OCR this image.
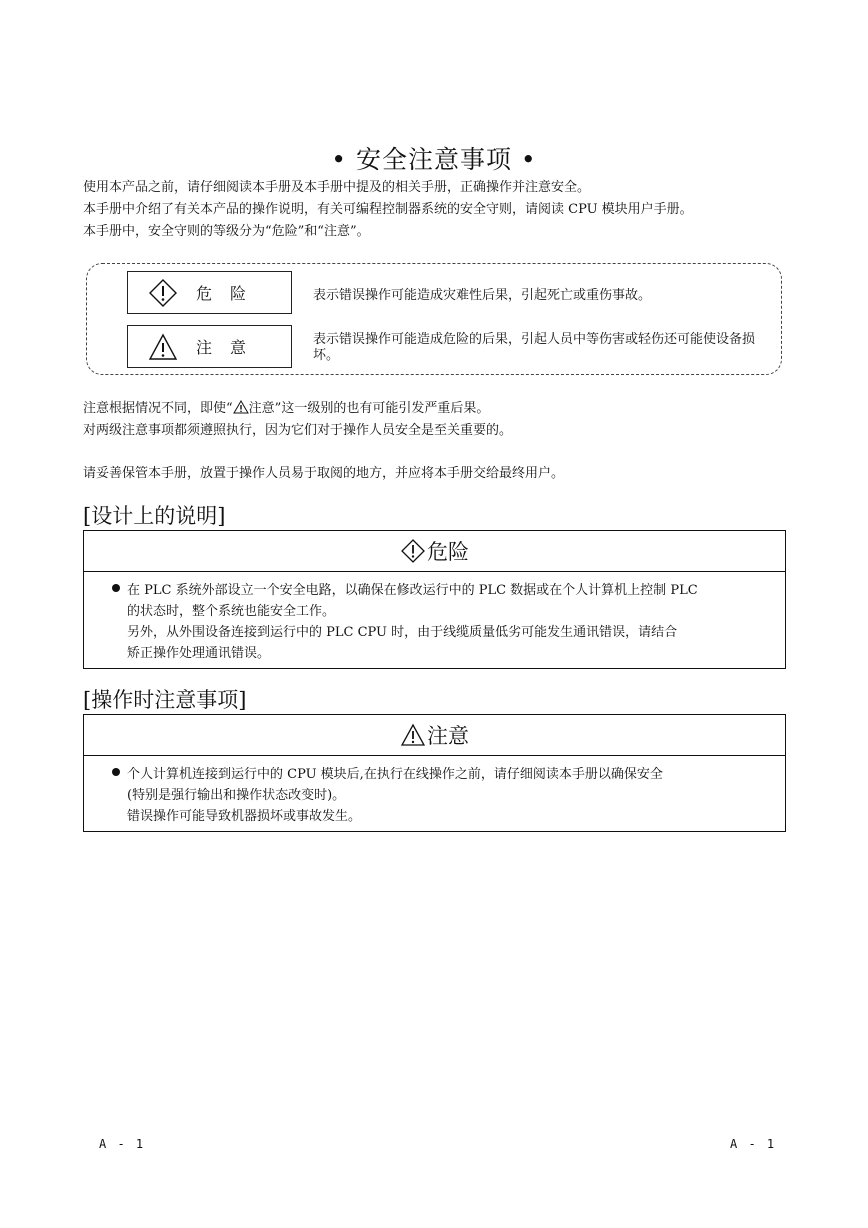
• 安全注意事项 •
使用本产品之前，请仔细阅读本手册及本手册中提及的相关手册，正确操作并注意安全。
本手册中介绍了有关本产品的操作说明，有关可编程控制器系统的安全守则，请阅读 CPU 模块用户手册。
本手册中，安全守则的等级分为“危险”和“注意”。
危险	表示错误操作可能造成灾难性后果，引起死亡或重伤事故。
注意	表示错误操作可能造成危险的后果，引起人员中等伤害或轻伤还可能使设备损坏。
注意根据情况不同，即使“ 注意”这一级别的也有可能引发严重后果。
对两级注意事项都须遵照执行，因为它们对于操作人员安全是至关重要的。
请妥善保管本手册，放置于操作人员易于取阅的地方，并应将本手册交给最终用户。
[设计上的说明]
危险

在 PLC 系统外部设立一个安全电路，以确保在修改运行中的 PLC 数据或在个人计算机上控制 PLC

的状态时，整个系统也能安全工作。

另外，从外围设备连接到运行中的 PLC CPU 时，由于线缆质量低劣可能发生通讯错误，请结合

矫正操作处理通讯错误。

[操作时注意事项]
注意

个人计算机连接到运行中的 CPU 模块后,在执行在线操作之前，请仔细阅读本手册以确保安全

(特别是强行输出和操作状态改变时)。

错误操作可能导致机器损坏或事故发生。

A - 1	A - 1
